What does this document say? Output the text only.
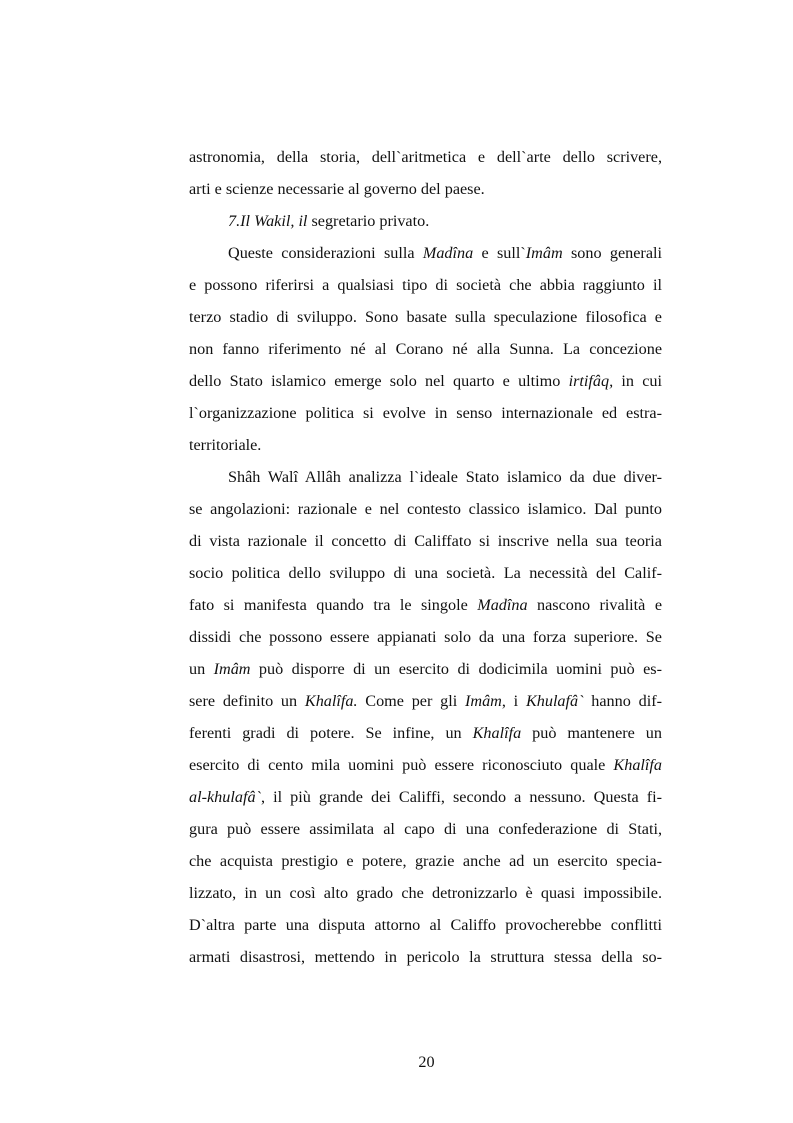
astronomia, della storia, dell`aritmetica e dell`arte dello scrivere,
arti e scienze necessarie al governo del paese.
7.Il Wakil, il segretario privato.
Queste considerazioni sulla Madîna e sull`Imâm sono generali
e possono riferirsi a qualsiasi tipo di società che abbia raggiunto il
terzo stadio di sviluppo. Sono basate sulla speculazione filosofica e
non fanno riferimento né al Corano né alla Sunna. La concezione
dello Stato islamico emerge solo nel quarto e ultimo irtifâq, in cui
l`organizzazione politica si evolve in senso internazionale ed estra-
territoriale.
Shâh Walî Allâh analizza l`ideale Stato islamico da due diver-
se angolazioni: razionale e nel contesto classico islamico. Dal punto
di vista razionale il concetto di Califfato si inscrive nella sua teoria
socio politica dello sviluppo di una società. La necessità del Calif-
fato si manifesta quando tra le singole Madîna nascono rivalità e
dissidi che possono essere appianati solo da una forza superiore. Se
un Imâm può disporre di un esercito di dodicimila uomini può es-
sere definito un Khalîfa. Come per gli Imâm, i Khulafâ` hanno dif-
ferenti gradi di potere. Se infine, un Khalîfa può mantenere un
esercito di cento mila uomini può essere riconosciuto quale Khalîfa
al-khulafâ`, il più grande dei Califfi, secondo a nessuno. Questa fi-
gura può essere assimilata al capo di una confederazione di Stati,
che acquista prestigio e potere, grazie anche ad un esercito specia-
lizzato, in un così alto grado che detronizzarlo è quasi impossibile.
D`altra parte una disputa attorno al Califfo provocherebbe conflitti
armati disastrosi, mettendo in pericolo la struttura stessa della so-
20
